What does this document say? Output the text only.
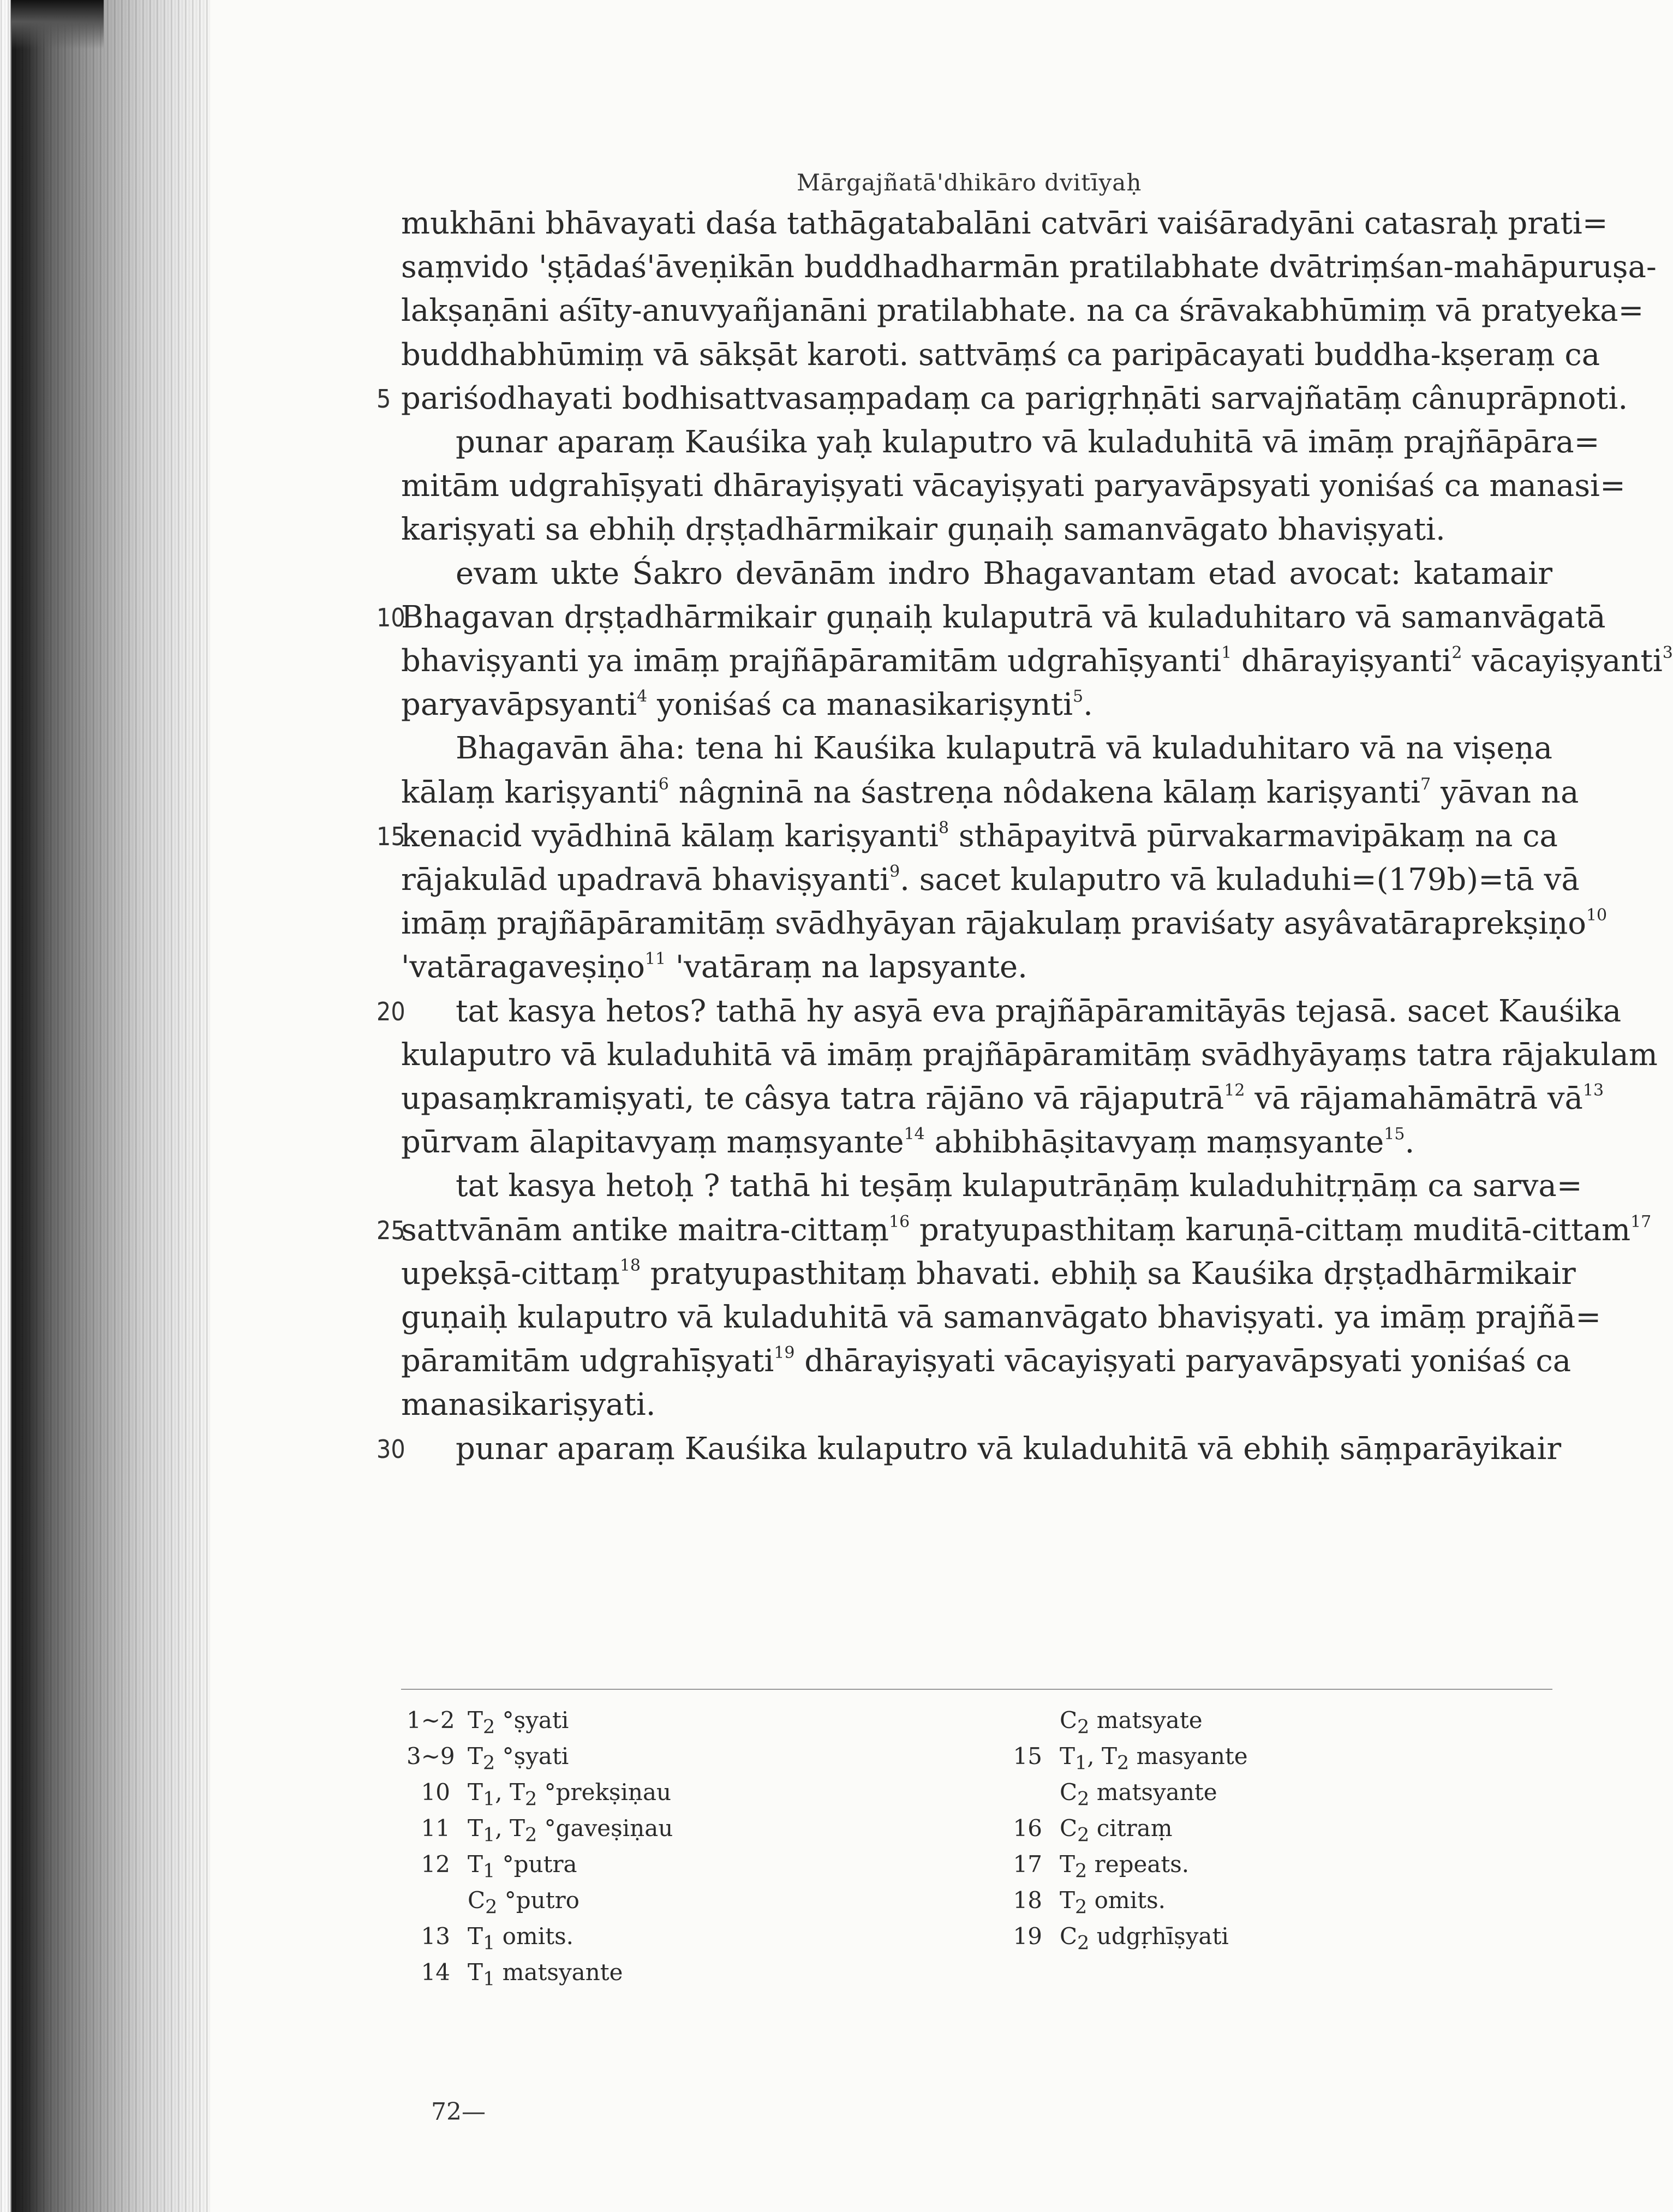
Mārgajñatā'dhikāro dvitīyaḥ
mukhāni bhāvayati daśa tathāgatabalāni catvāri vaiśāradyāni catasraḥ prati=
saṃvido 'ṣṭādaś'āveṇikān buddhadharmān pratilabhate dvātriṃśan-mahāpuruṣa-
lakṣaṇāni aśīty-anuvyañjanāni pratilabhate. na ca śrāvakabhūmiṃ vā pratyeka=
buddhabhūmiṃ vā sākṣāt karoti. sattvāṃś ca paripācayati buddha-kṣeraṃ ca
pariśodhayati bodhisattvasaṃpadaṃ ca parigṛhṇāti sarvajñatāṃ cânuprāpnoti.
5
punar aparaṃ Kauśika yaḥ kulaputro vā kuladuhitā vā imāṃ prajñāpāra=
mitām udgrahīṣyati dhārayiṣyati vācayiṣyati paryavāpsyati yoniśaś ca manasi=
kariṣyati sa ebhiḥ dṛṣṭadhārmikair guṇaiḥ samanvāgato bhaviṣyati.
evam ukte Śakro devānām indro Bhagavantam etad avocat: katamair
Bhagavan dṛṣṭadhārmikair guṇaiḥ kulaputrā vā kuladuhitaro vā samanvāgatā
10
bhaviṣyanti ya imāṃ prajñāpāramitām udgrahīṣyanti$^1$ dhārayiṣyanti$^2$ vācayiṣyanti$^3$
paryavāpsyanti$^4$ yoniśaś ca manasikariṣynti$^5$.
Bhagavān āha: tena hi Kauśika kulaputrā vā kuladuhitaro vā na viṣeṇa
kālaṃ kariṣyanti$^6$ nâgninā na śastreṇa nôdakena kālaṃ kariṣyanti$^7$ yāvan na
kenacid vyādhinā kālaṃ kariṣyanti$^8$ sthāpayitvā pūrvakarmavipākaṃ na ca
15
rājakulād upadravā bhaviṣyanti$^9$. sacet kulaputro vā kuladuhi=(179b)=tā vā
imāṃ prajñāpāramitāṃ svādhyāyan rājakulaṃ praviśaty asyâvatāraprekṣiṇo$^{10}$
'vatāragaveṣiṇo$^{11}$ 'vatāraṃ na lapsyante.
tat kasya hetos? tathā hy asyā eva prajñāpāramitāyās tejasā. sacet Kauśika
20
kulaputro vā kuladuhitā vā imāṃ prajñāpāramitāṃ svādhyāyaṃs tatra rājakulam
upasaṃkramiṣyati, te câsya tatra rājāno vā rājaputrā$^{12}$ vā rājamahāmātrā $vā^{13}$
pūrvam ālapitavyaṃ maṃsyante$^{14}$ abhibhāṣitavyaṃ maṃsyante$^{15}$.
tat kasya hetoḥ ? tathā hi teṣāṃ kulaputrāṇāṃ kuladuhitṛṇāṃ ca sarva=
sattvānām antike maitra-cittaṃ$^{16}$ pratyupasthitaṃ karuṇā-cittaṃ muditā-cittam$^{17}$
25
upekṣā-cittaṃ$^{18}$ pratyupasthitaṃ bhavati. ebhiḥ sa Kauśika dṛṣṭadhārmikair
guṇaiḥ kulaputro vā kuladuhitā vā samanvāgato bhaviṣyati. ya imāṃ prajñā=
pāramitām udgrahīṣyati$^{19}$ dhārayiṣyati vācayiṣyati paryavāpsyati yoniśaś ca
manasikariṣyati.
punar aparaṃ Kauśika kulaputro vā kuladuhitā vā ebhiḥ sāṃparāyikair
30
1~2 $T_2$ °ṣyati
3~9 $T_2$ °ṣyati
10 $T_1$, $T_2$ °prekṣiṇau
11 $T_1$, $T_2$ °gaveṣiṇau
12 $T_1$ °putra
$C_2$ °putro
13 $T_1$ omits.
14 $T_1$ matsyante
$C_2$ matsyate
15 $T_1$, $T_2$ masyante
$C_2$ matsyante
16 $C_2$ citraṃ
17 $T_2$ repeats.
18 $T_2$ omits.
19 $C_2$ udgṛhīṣyati
72—
